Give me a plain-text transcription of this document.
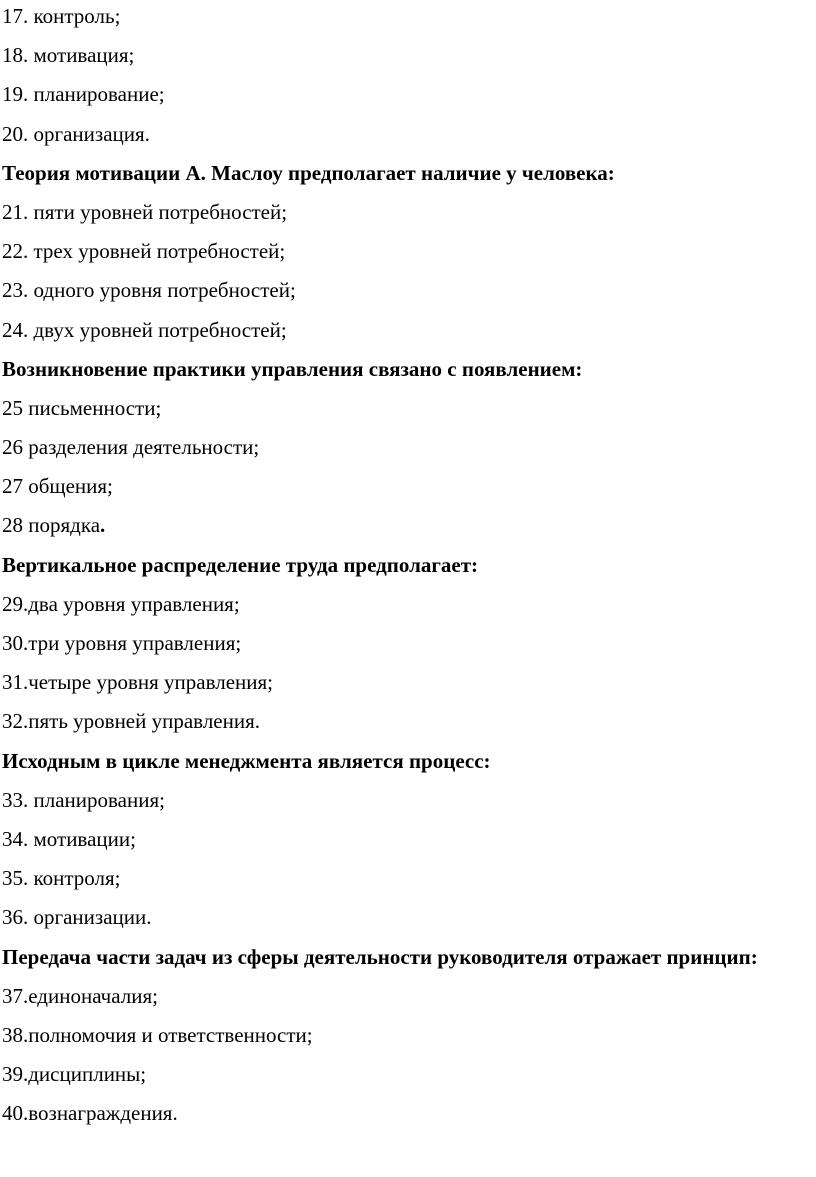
17. контроль;
18. мотивация;
19. планирование;
20. организация.
Теория мотивации А. Маслоу предполагает наличие у человека:
21. пяти уровней потребностей;
22. трех уровней потребностей;
23. одного уровня потребностей;
24. двух уровней потребностей;
Возникновение практики управления связано с появлением:
25 письменности;
26 разделения деятельности;
27 общения;
28 порядка.
Вертикальное распределение труда предполагает:
29.два уровня управления;
30.три уровня управления;
31.четыре уровня управления;
32.пять уровней управления.
Исходным в цикле менеджмента является процесс:
33. планирования;
34. мотивации;
35. контроля;
36. организации.
Передача части задач из сферы деятельности руководителя отражает принцип:
37.единоначалия;
38.полномочия и ответственности;
39.дисциплины;
40.вознаграждения.
